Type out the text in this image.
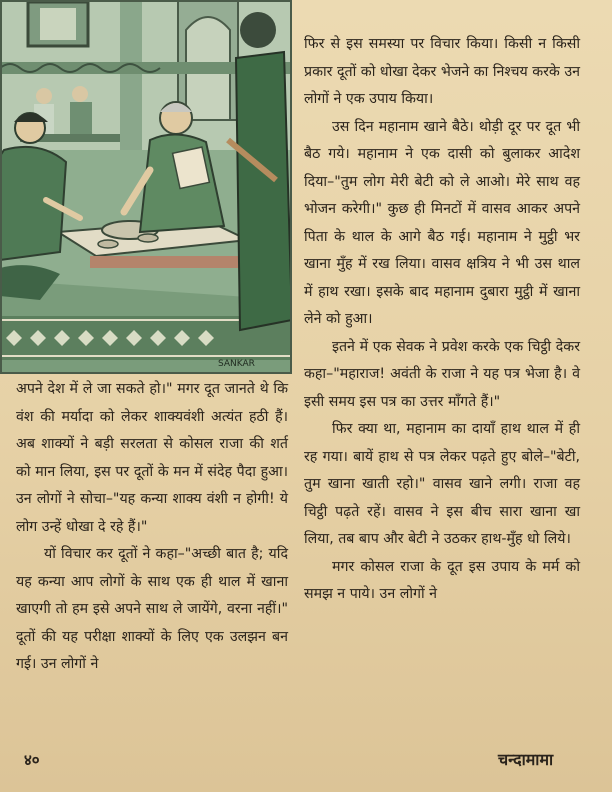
SANKAR

अपने देश में ले जा सकते हो।" मगर दूत जानते थे कि वंश की मर्यादा को लेकर शाक्यवंशी अत्यंत हठी हैं। अब शाक्यों ने बड़ी सरलता से कोसल राजा की शर्त को मान लिया, इस पर दूतों के मन में संदेह पैदा हुआ। उन लोगों ने सोचा–"यह कन्या शाक्य वंशी न होगी! ये लोग उन्हें धोखा दे रहे हैं।"

यों विचार कर दूतों ने कहा–"अच्छी बात है; यदि यह कन्या आप लोगों के साथ एक ही थाल में खाना खाएगी तो हम इसे अपने साथ ले जायेंगे, वरना नहीं।" दूतों की यह परीक्षा शाक्यों के लिए एक उलझन बन गई। उन लोगों ने

फिर से इस समस्या पर विचार किया। किसी न किसी प्रकार दूतों को धोखा देकर भेजने का निश्चय करके उन लोगों ने एक उपाय किया।

उस दिन महानाम खाने बैठे। थोड़ी दूर पर दूत भी बैठ गये। महानाम ने एक दासी को बुलाकर आदेश दिया–"तुम लोग मेरी बेटी को ले आओ। मेरे साथ वह भोजन करेगी।" कुछ ही मिनटों में वासव आकर अपने पिता के थाल के आगे बैठ गई। महानाम ने मुट्ठी भर खाना मुँह में रख लिया। वासव क्षत्रिय ने भी उस थाल में हाथ रखा। इसके बाद महानाम दुबारा मुट्ठी में खाना लेने को हुआ।

इतने में एक सेवक ने प्रवेश करके एक चिट्ठी देकर कहा–"महाराज! अवंती के राजा ने यह पत्र भेजा है। वे इसी समय इस पत्र का उत्तर माँगते हैं।"

फिर क्या था, महानाम का दायाँ हाथ थाल में ही रह गया। बायें हाथ से पत्र लेकर पढ़ते हुए बोले–"बेटी, तुम खाना खाती रहो।" वासव खाने लगी। राजा वह चिट्ठी पढ़ते रहें। वासव ने इस बीच सारा खाना खा लिया, तब बाप और बेटी ने उठकर हाथ-मुँह धो लिये।

मगर कोसल राजा के दूत इस उपाय के मर्म को समझ न पाये। उन लोगों ने

४०	चन्दामामा
